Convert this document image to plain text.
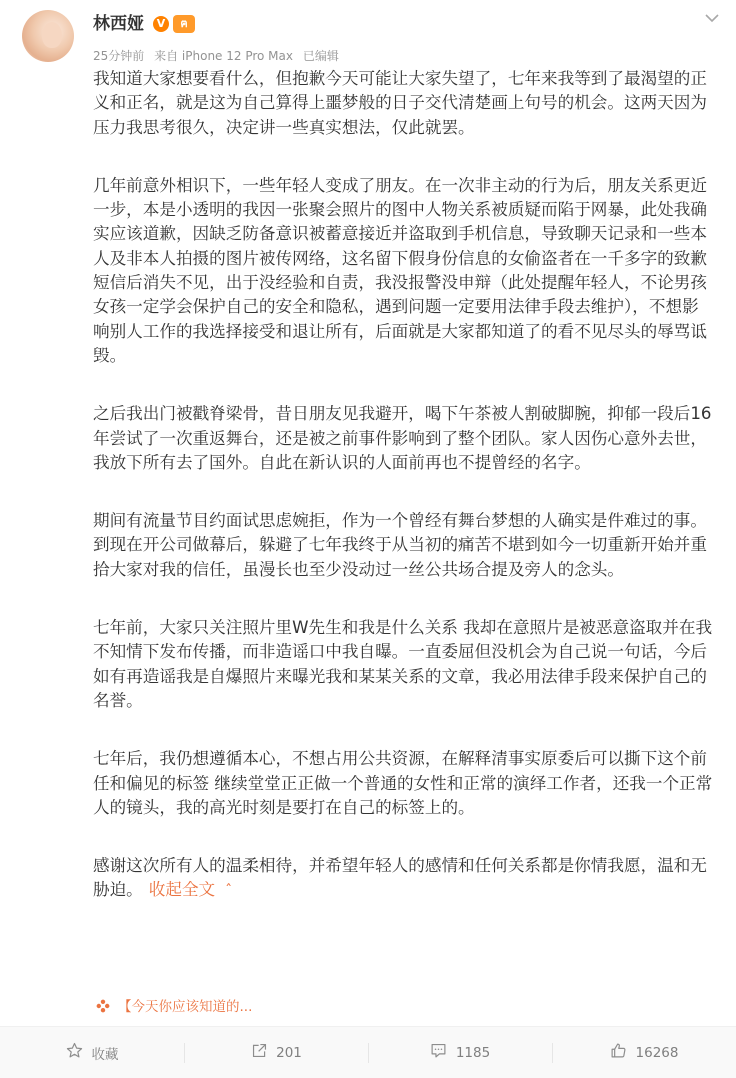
林西娅	V	ฅ
25分钟前 来自 iPhone 12 Pro Max 已编辑

我知道大家想要看什么，但抱歉今天可能让大家失望了，七年来我等到了最渴望的正义和正名，就是这为自己算得上噩梦般的日子交代清楚画上句号的机会。这两天因为压力我思考很久，决定讲一些真实想法，仅此就罢。

几年前意外相识下，一些年轻人变成了朋友。在一次非主动的行为后，朋友关系更近一步，本是小透明的我因一张聚会照片的图中人物关系被质疑而陷于网暴，此处我确实应该道歉，因缺乏防备意识被蓄意接近并盗取到手机信息，导致聊天记录和一些本人及非本人拍摄的图片被传网络，这名留下假身份信息的女偷盗者在一千多字的致歉短信后消失不见，出于没经验和自责，我没报警没申辩（此处提醒年轻人，不论男孩女孩一定学会保护自己的安全和隐私，遇到问题一定要用法律手段去维护），不想影响别人工作的我选择接受和退让所有，后面就是大家都知道了的看不见尽头的辱骂诋毁。

之后我出门被戳脊梁骨，昔日朋友见我避开，喝下午茶被人割破脚腕，抑郁一段后16年尝试了一次重返舞台，还是被之前事件影响到了整个团队。家人因伤心意外去世，我放下所有去了国外。自此在新认识的人面前再也不提曾经的名字。

期间有流量节目约面试思虑婉拒，作为一个曾经有舞台梦想的人确实是件难过的事。到现在开公司做幕后，躲避了七年我终于从当初的痛苦不堪到如今一切重新开始并重拾大家对我的信任，虽漫长也至少没动过一丝公共场合提及旁人的念头。

七年前，大家只关注照片里W先生和我是什么关系 我却在意照片是被恶意盗取并在我不知情下发布传播，而非造谣口中我自曝。一直委屈但没机会为自己说一句话，今后如有再造谣我是自爆照片来曝光我和某某关系的文章，我必用法律手段来保护自己的名誉。

七年后，我仍想遵循本心，不想占用公共资源，在解释清事实原委后可以撕下这个前任和偏见的标签 继续堂堂正正做一个普通的女性和正常的演绎工作者，还我一个正常人的镜头，我的高光时刻是要打在自己的标签上的。

感谢这次所有人的温柔相待，并希望年轻人的感情和任何关系都是你情我愿，温和无胁迫。 收起全文 ˆ

【今天你应该知道的...
收藏	201	1185	16268
